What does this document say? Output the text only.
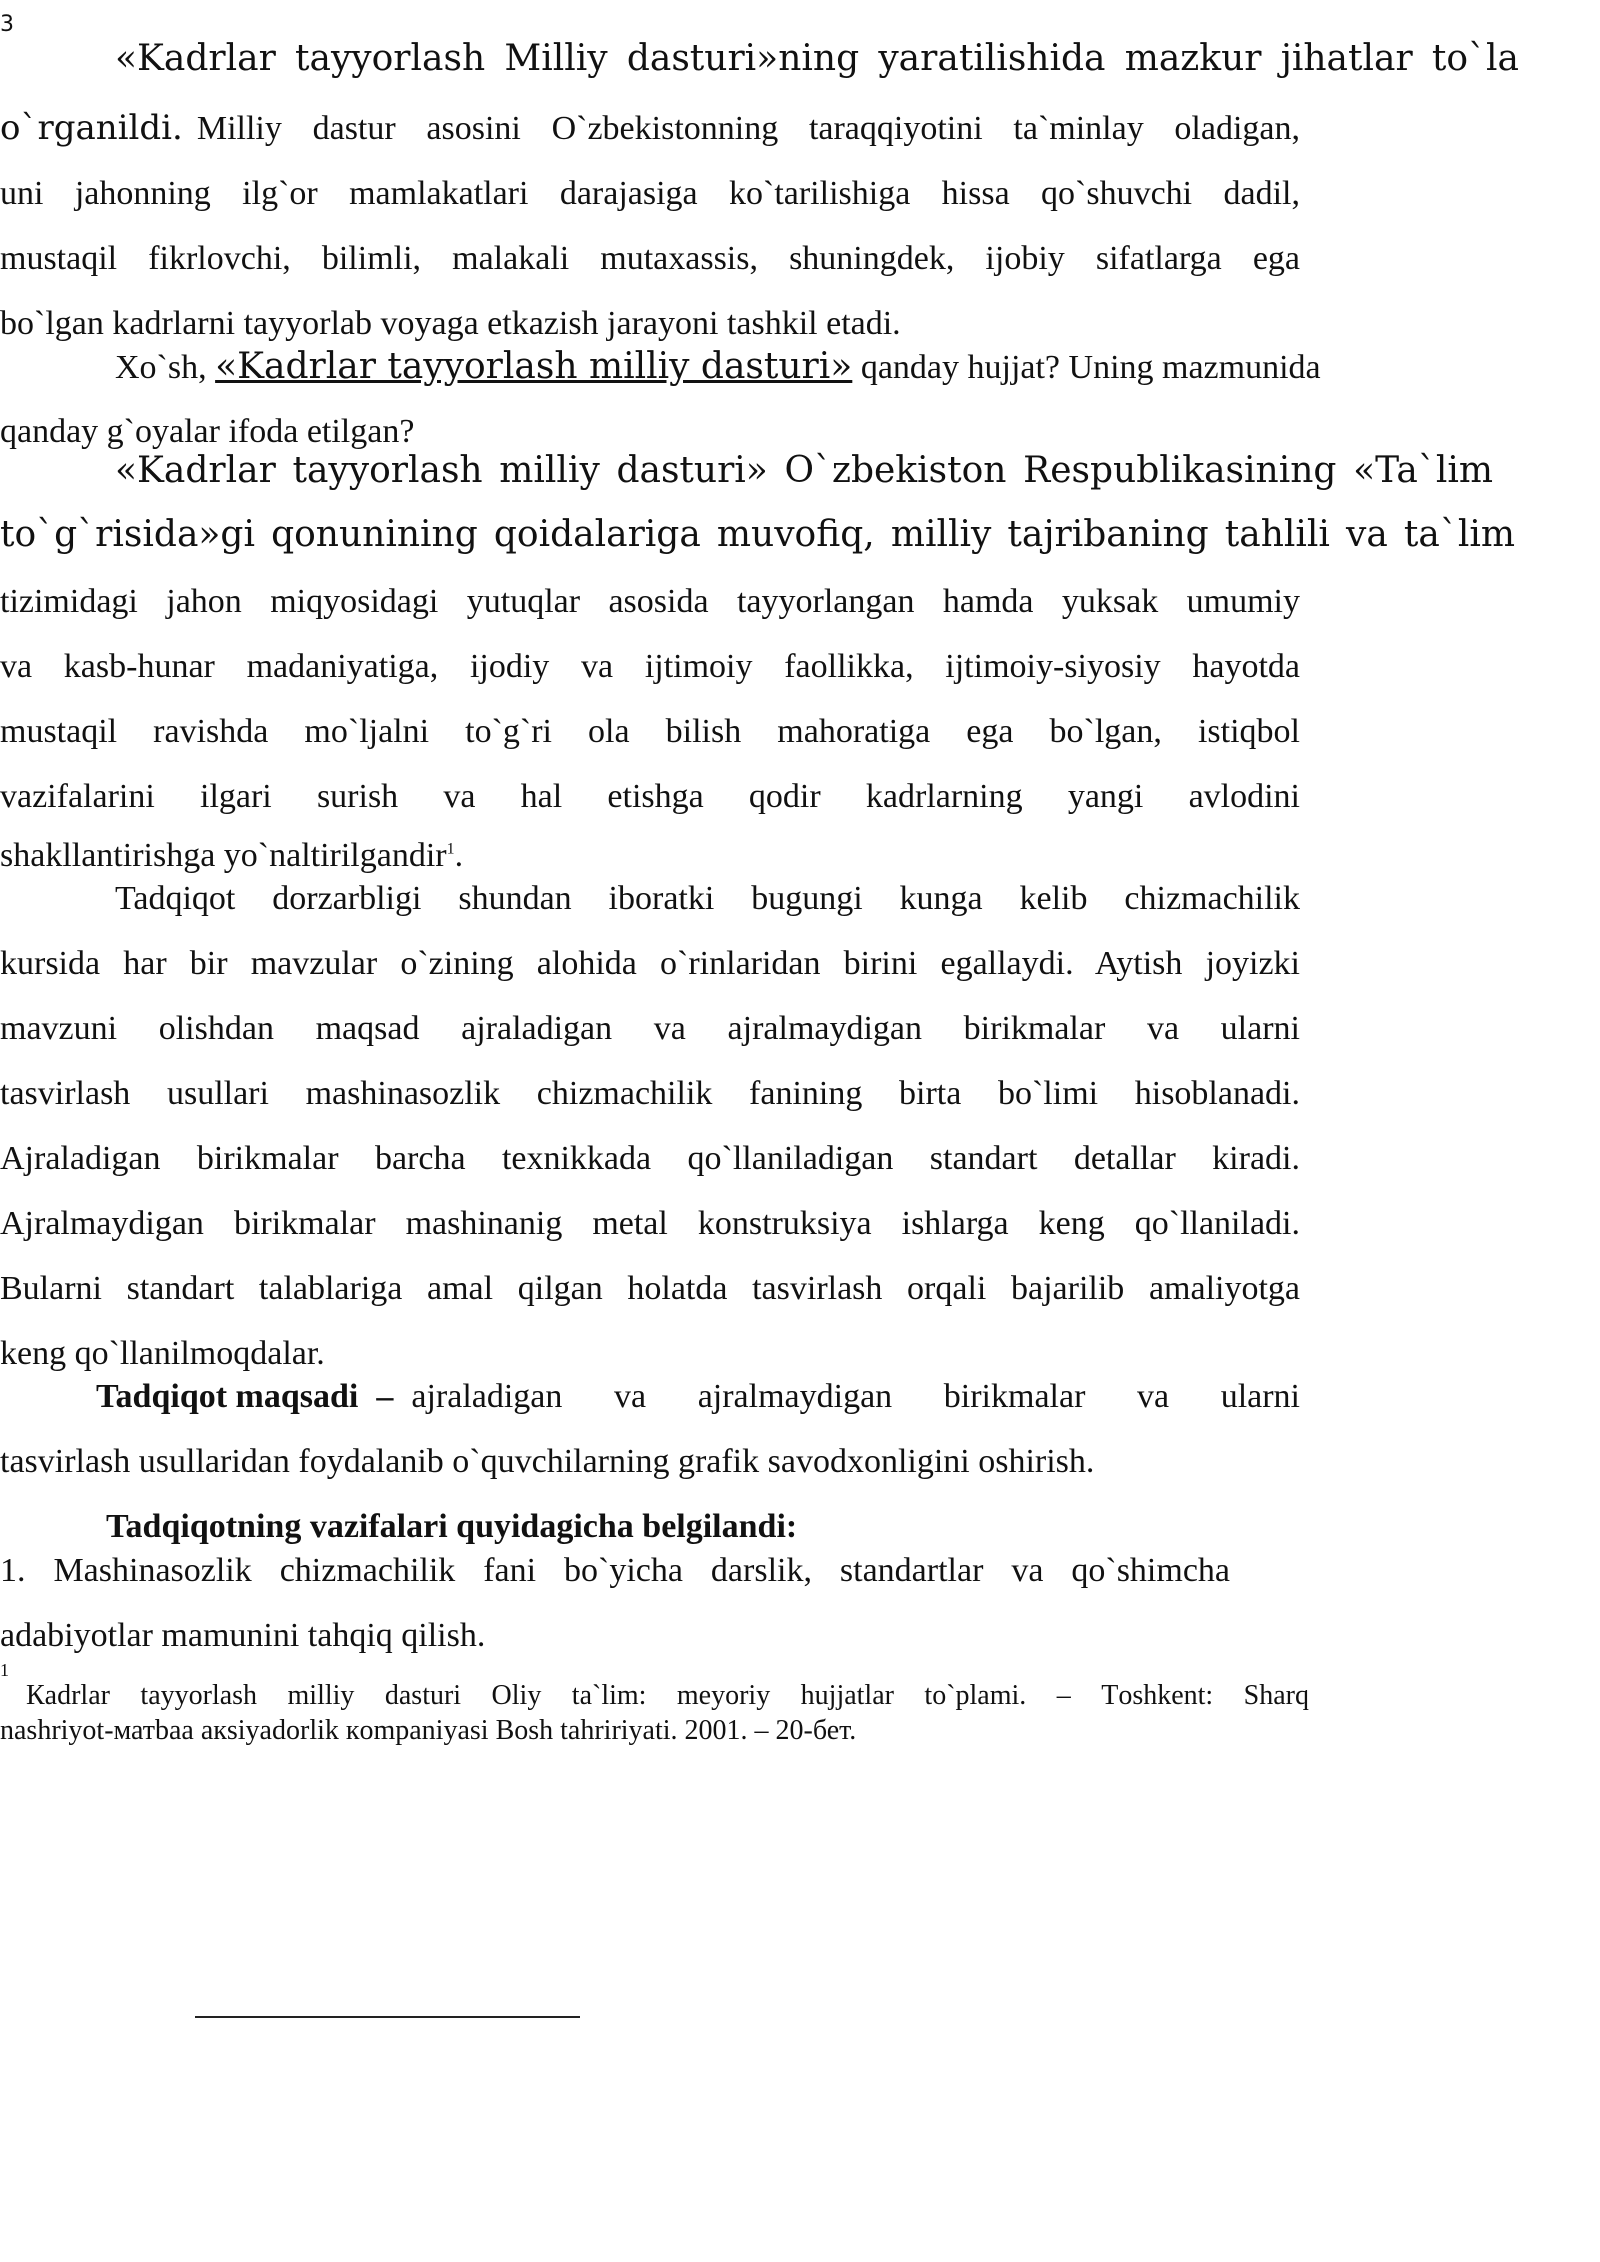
3
«Kadrlar tayyorlash Milliy dasturi»ning yaratilishida mazkur jihatlar to`la
o`rganildi. Milliy dastur asosini O`zbekistonning taraqqiyotini ta`minlay oladigan,
uni jahonning ilg`or mamlakatlari darajasiga ko`tarilishiga hissa qo`shuvchi dadil,
mustaqil fikrlovchi, bilimli, malakali mutaxassis, shuningdek, ijobiy sifatlarga ega
bo`lgan kadrlarni tayyorlab voyaga etkazish jarayoni tashkil etadi.
Xo`sh, «Kadrlar tayyorlash milliy dasturi» qanday hujjat? Uning mazmunida
qanday g`oyalar ifoda etilgan?
«Kadrlar tayyorlash milliy dasturi» O`zbekiston Respublikasining «Ta`lim
to`g`risida»gi qonunining qoidalariga muvofiq, milliy tajribaning tahlili va ta`lim
tizimidagi jahon miqyosidagi yutuqlar asosida tayyorlangan hamda yuksak umumiy
va kasb-hunar madaniyatiga, ijodiy va ijtimoiy faollikka, ijtimoiy-siyosiy hayotda
mustaqil ravishda mo`ljalni to`g`ri ola bilish mahoratiga ega bo`lgan, istiqbol
vazifalarini ilgari surish va hal etishga qodir kadrlarning yangi avlodini
shakllantirishga yo`naltirilgandir$^1$.
Tadqiqot dorzarbligi shundan iboratki bugungi kunga kelib chizmachilik
kursida har bir mavzular o`zining alohida o`rinlaridan birini egallaydi. Aytish joyizki
mavzuni olishdan maqsad ajraladigan va ajralmaydigan birikmalar va ularni
tasvirlash usullari mashinasozlik chizmachilik fanining birta bo`limi hisoblanadi.
Ajraladigan birikmalar barcha texnikkada qo`llaniladigan standart detallar kiradi.
Ajralmaydigan birikmalar mashinanig metal konstruksiya ishlarga keng qo`llaniladi.
Bularni standart talablariga amal qilgan holatda tasvirlash orqali bajarilib amaliyotga
keng qo`llanilmoqdalar.
Tadqiqot maqsadi – ajraladigan va ajralmaydigan birikmalar va ularni
tasvirlash usullaridan foydalanib o`quvchilarning grafik savodxonligini oshirish.
Tadqiqotning vazifalari quyidagicha belgilandi:
1. Mashinasozlik chizmachilik fani bo`yicha darslik, standartlar va qo`shimcha
adabiyotlar mamunini tahqiq qilish.
1
Кadrlar tayyorlash milliy dasturi Oliy ta`lim: meyoriy hujjatlar to`plami. – Тoshkent: Sharq
nashriyot-матbaa акsiyadorlik кompaniyasi Bosh tahririyati. 2001. – 20-бет.
